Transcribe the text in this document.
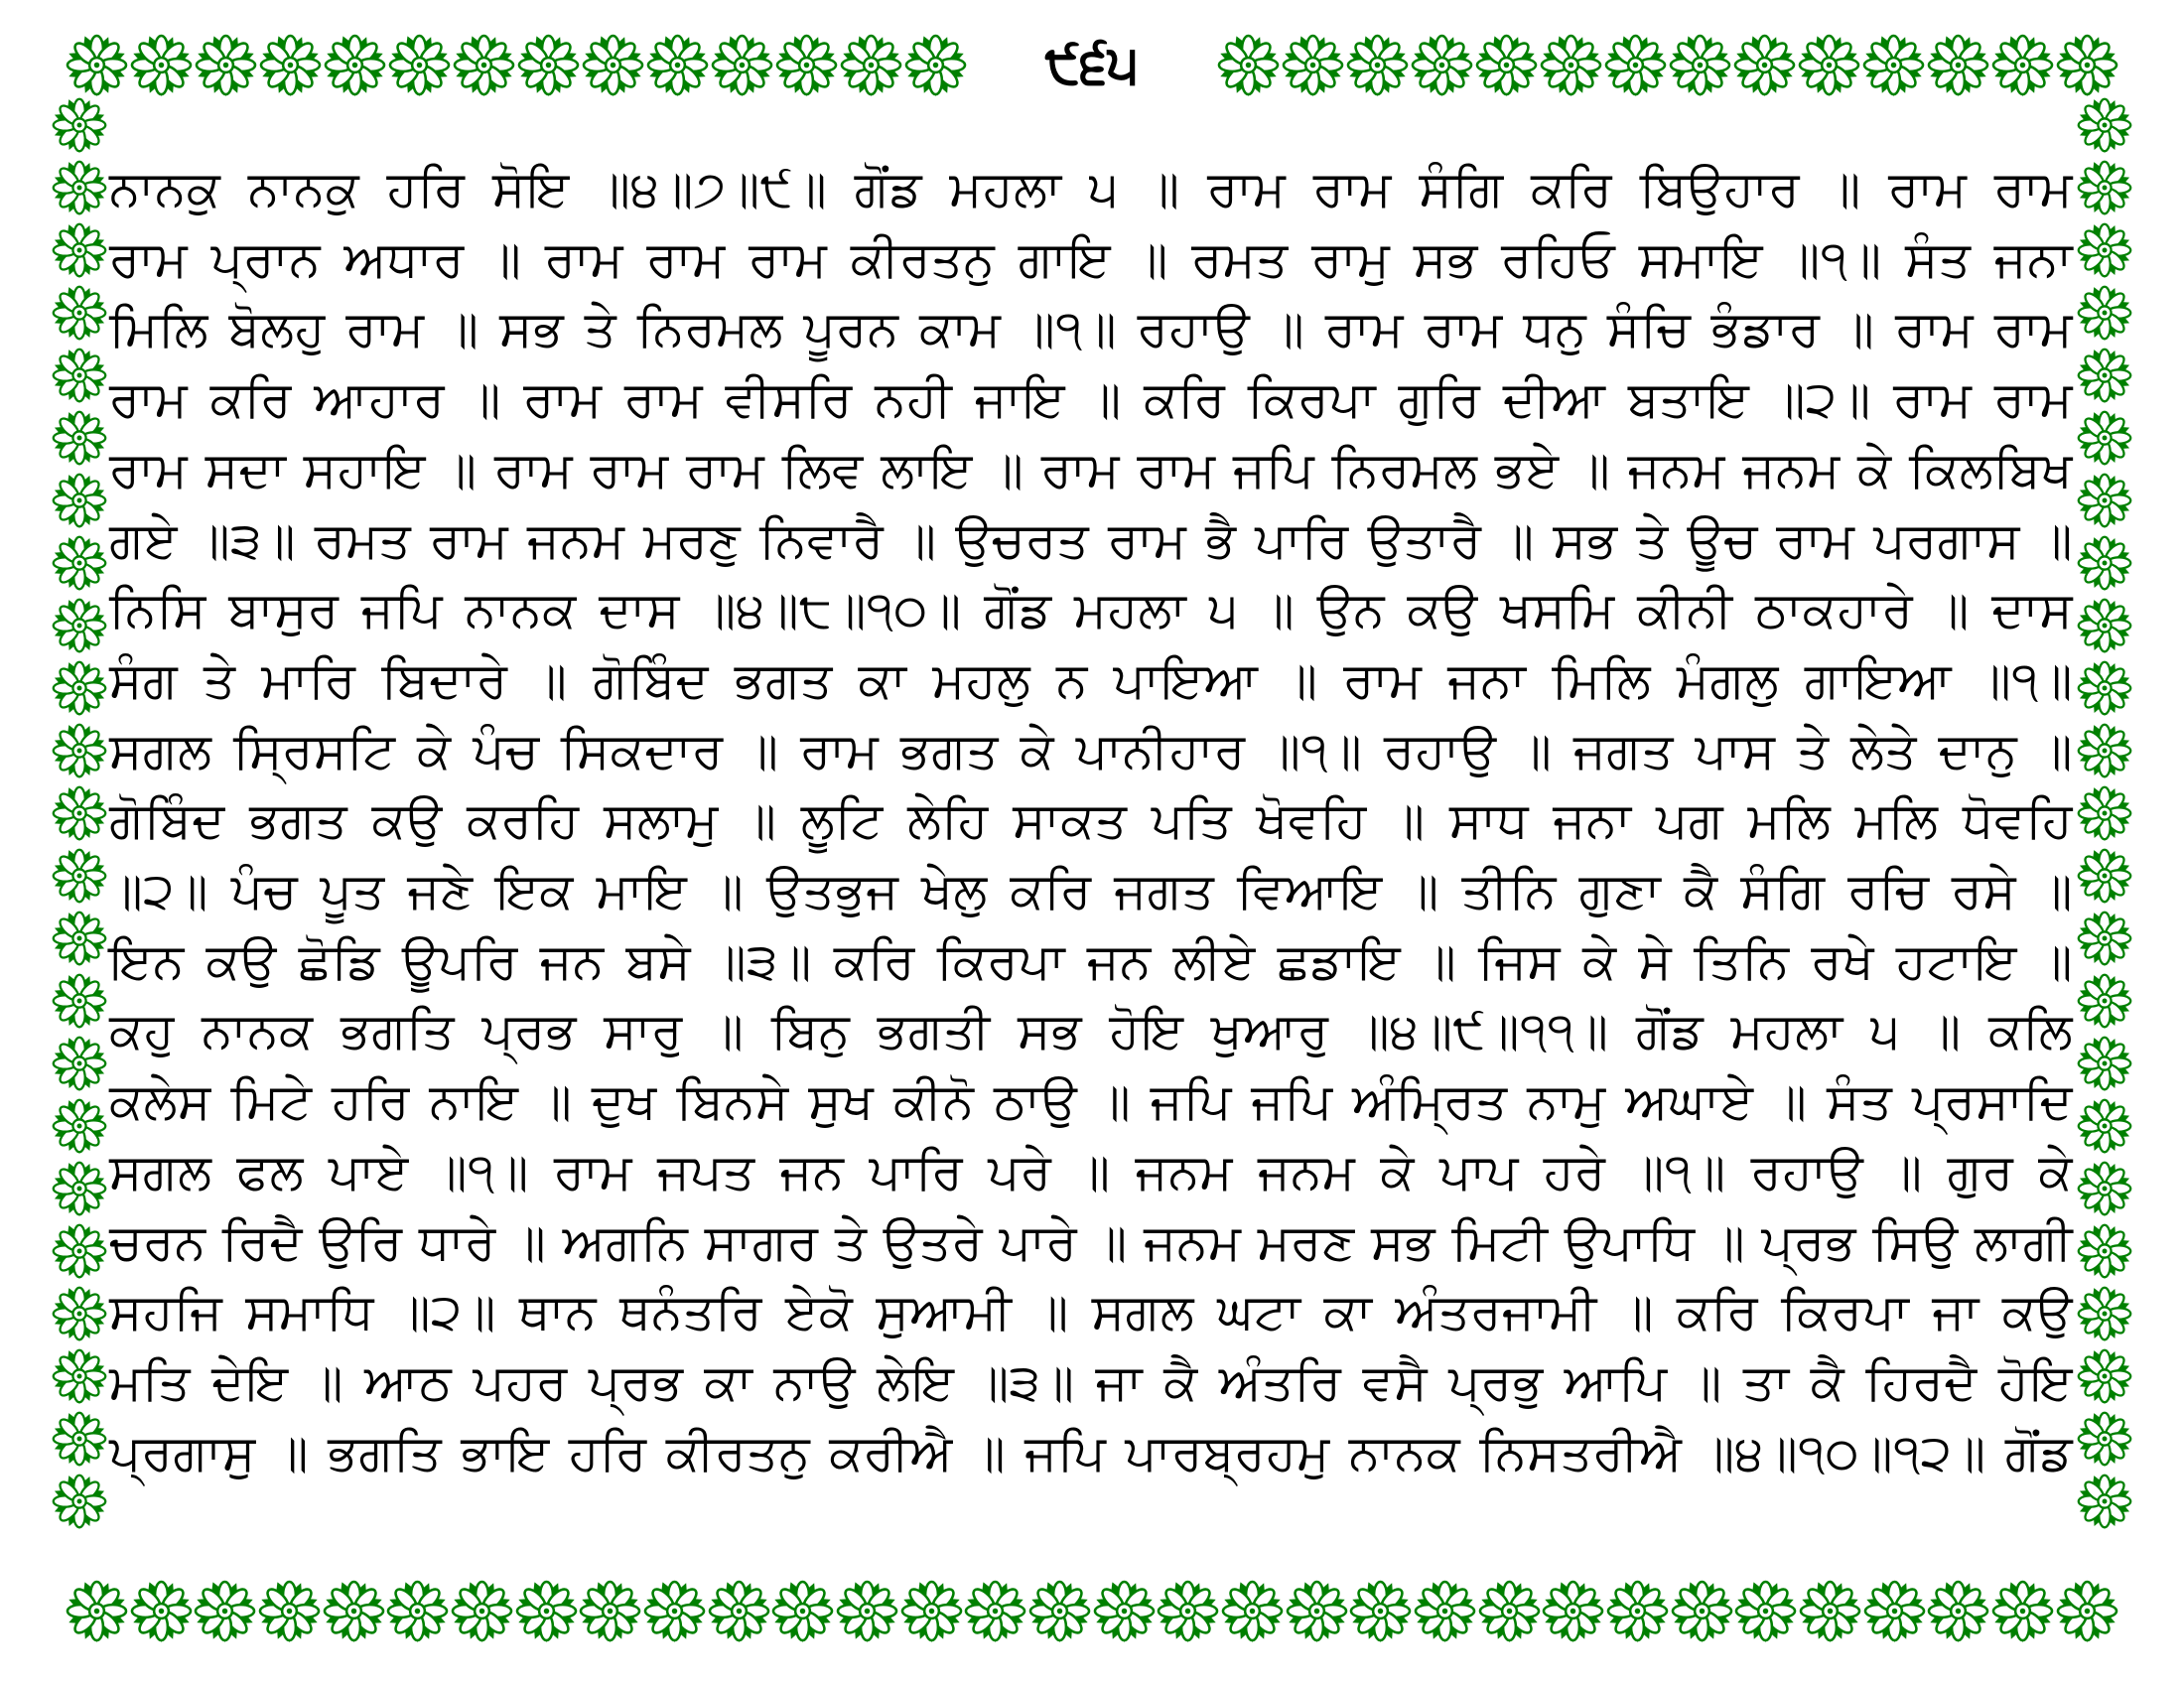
੯੬੫
ਨਾਨਕੁ ਨਾਨਕੁ ਹਰਿ ਸੋਇ ॥੪॥੭॥੯॥ ਗੋਂਡ ਮਹਲਾ ੫ ॥ ਰਾਮ ਰਾਮ ਸੰਗਿ ਕਰਿ ਬਿਉਹਾਰ ॥ ਰਾਮ ਰਾਮ
ਰਾਮ ਪ੍ਰਾਨ ਅਧਾਰ ॥ ਰਾਮ ਰਾਮ ਰਾਮ ਕੀਰਤਨੁ ਗਾਇ ॥ ਰਮਤ ਰਾਮੁ ਸਭ ਰਹਿਓ ਸਮਾਇ ॥੧॥ ਸੰਤ ਜਨਾ
ਮਿਲਿ ਬੋਲਹੁ ਰਾਮ ॥ ਸਭ ਤੇ ਨਿਰਮਲ ਪੂਰਨ ਕਾਮ ॥੧॥ ਰਹਾਉ ॥ ਰਾਮ ਰਾਮ ਧਨੁ ਸੰਚਿ ਭੰਡਾਰ ॥ ਰਾਮ ਰਾਮ
ਰਾਮ ਕਰਿ ਆਹਾਰ ॥ ਰਾਮ ਰਾਮ ਵੀਸਰਿ ਨਹੀ ਜਾਇ ॥ ਕਰਿ ਕਿਰਪਾ ਗੁਰਿ ਦੀਆ ਬਤਾਇ ॥੨॥ ਰਾਮ ਰਾਮ
ਰਾਮ ਸਦਾ ਸਹਾਇ ॥ ਰਾਮ ਰਾਮ ਰਾਮ ਲਿਵ ਲਾਇ ॥ ਰਾਮ ਰਾਮ ਜਪਿ ਨਿਰਮਲ ਭਏ ॥ ਜਨਮ ਜਨਮ ਕੇ ਕਿਲਬਿਖ
ਗਏ ॥੩॥ ਰਮਤ ਰਾਮ ਜਨਮ ਮਰਣੁ ਨਿਵਾਰੈ ॥ ਉਚਰਤ ਰਾਮ ਭੈ ਪਾਰਿ ਉਤਾਰੈ ॥ ਸਭ ਤੇ ਊਚ ਰਾਮ ਪਰਗਾਸ ॥
ਨਿਸਿ ਬਾਸੁਰ ਜਪਿ ਨਾਨਕ ਦਾਸ ॥੪॥੮॥੧੦॥ ਗੋਂਡ ਮਹਲਾ ੫ ॥ ਉਨ ਕਉ ਖਸਮਿ ਕੀਨੀ ਠਾਕਹਾਰੇ ॥ ਦਾਸ
ਸੰਗ ਤੇ ਮਾਰਿ ਬਿਦਾਰੇ ॥ ਗੋਬਿੰਦ ਭਗਤ ਕਾ ਮਹਲੁ ਨ ਪਾਇਆ ॥ ਰਾਮ ਜਨਾ ਮਿਲਿ ਮੰਗਲੁ ਗਾਇਆ ॥੧॥
ਸਗਲ ਸ੍ਰਿਸਟਿ ਕੇ ਪੰਚ ਸਿਕਦਾਰ ॥ ਰਾਮ ਭਗਤ ਕੇ ਪਾਨੀਹਾਰ ॥੧॥ ਰਹਾਉ ॥ ਜਗਤ ਪਾਸ ਤੇ ਲੇਤੇ ਦਾਨੁ ॥
ਗੋਬਿੰਦ ਭਗਤ ਕਉ ਕਰਹਿ ਸਲਾਮੁ ॥ ਲੂਟਿ ਲੇਹਿ ਸਾਕਤ ਪਤਿ ਖੋਵਹਿ ॥ ਸਾਧ ਜਨਾ ਪਗ ਮਲਿ ਮਲਿ ਧੋਵਹਿ
॥੨॥ ਪੰਚ ਪੂਤ ਜਣੇ ਇਕ ਮਾਇ ॥ ਉਤਭੁਜ ਖੇਲੁ ਕਰਿ ਜਗਤ ਵਿਆਇ ॥ ਤੀਨਿ ਗੁਣਾ ਕੈ ਸੰਗਿ ਰਚਿ ਰਸੇ ॥
ਇਨ ਕਉ ਛੋਡਿ ਊਪਰਿ ਜਨ ਬਸੇ ॥੩॥ ਕਰਿ ਕਿਰਪਾ ਜਨ ਲੀਏ ਛਡਾਇ ॥ ਜਿਸ ਕੇ ਸੇ ਤਿਨਿ ਰਖੇ ਹਟਾਇ ॥
ਕਹੁ ਨਾਨਕ ਭਗਤਿ ਪ੍ਰਭ ਸਾਰੁ ॥ ਬਿਨੁ ਭਗਤੀ ਸਭ ਹੋਇ ਖੁਆਰੁ ॥੪॥੯॥੧੧॥ ਗੋਂਡ ਮਹਲਾ ੫ ॥ ਕਲਿ
ਕਲੇਸ ਮਿਟੇ ਹਰਿ ਨਾਇ ॥ ਦੁਖ ਬਿਨਸੇ ਸੁਖ ਕੀਨੋ ਠਾਉ ॥ ਜਪਿ ਜਪਿ ਅੰਮ੍ਰਿਤ ਨਾਮੁ ਅਘਾਏ ॥ ਸੰਤ ਪ੍ਰਸਾਦਿ
ਸਗਲ ਫਲ ਪਾਏ ॥੧॥ ਰਾਮ ਜਪਤ ਜਨ ਪਾਰਿ ਪਰੇ ॥ ਜਨਮ ਜਨਮ ਕੇ ਪਾਪ ਹਰੇ ॥੧॥ ਰਹਾਉ ॥ ਗੁਰ ਕੇ
ਚਰਨ ਰਿਦੈ ਉਰਿ ਧਾਰੇ ॥ ਅਗਨਿ ਸਾਗਰ ਤੇ ਉਤਰੇ ਪਾਰੇ ॥ ਜਨਮ ਮਰਣ ਸਭ ਮਿਟੀ ਉਪਾਧਿ ॥ ਪ੍ਰਭ ਸਿਉ ਲਾਗੀ
ਸਹਜਿ ਸਮਾਧਿ ॥੨॥ ਥਾਨ ਥਨੰਤਰਿ ਏਕੋ ਸੁਆਮੀ ॥ ਸਗਲ ਘਟਾ ਕਾ ਅੰਤਰਜਾਮੀ ॥ ਕਰਿ ਕਿਰਪਾ ਜਾ ਕਉ
ਮਤਿ ਦੇਇ ॥ ਆਠ ਪਹਰ ਪ੍ਰਭ ਕਾ ਨਾਉ ਲੇਇ ॥੩॥ ਜਾ ਕੈ ਅੰਤਰਿ ਵਸੈ ਪ੍ਰਭੁ ਆਪਿ ॥ ਤਾ ਕੈ ਹਿਰਦੈ ਹੋਇ
ਪ੍ਰਗਾਸੁ ॥ ਭਗਤਿ ਭਾਇ ਹਰਿ ਕੀਰਤਨੁ ਕਰੀਐ ॥ ਜਪਿ ਪਾਰਬ੍ਰਹਮੁ ਨਾਨਕ ਨਿਸਤਰੀਐ ॥੪॥੧੦॥੧੨॥ ਗੋਂਡ
